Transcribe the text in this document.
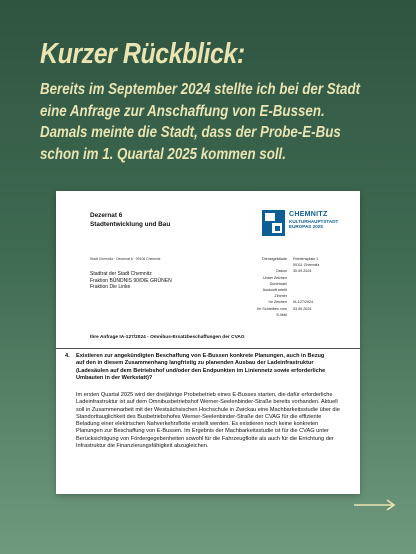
Kurzer Rückblick:
Bereits im September 2024 stellte ich bei der Stadt eine Anfrage zur Anschaffung von E-Bussen. Damals meinte die Stadt, dass der Probe-E-Bus schon im 1. Quartal 2025 kommen soll.
Dezernat 6
Stadtentwicklung und Bau
CHEMNITZ
KULTURHAUPTSTADT
EUROPAS 2025
Stadt Chemnitz · Dezernat 6 · 09106 Chemnitz
Stadtrat der Stadt Chemnitz
Fraktion BÜNDNIS 90/DIE GRÜNEN
Fraktion Die Linke
Dienstgebäude	Friedensplatz 1
09111 Chemnitz
Datum	30.09.2024
Unser Zeichen
Durchwahl
Auskunft erteilt
Zimmer
Ihr Zeichen	IA-127/2024
Ihr Schreiben vom	03.09.2024
E-Mail
Ihre Anfrage IA-127/2024 - Omnibus-Ersatzbeschaffungen der CVAG
4. Existieren zur angekündigten Beschaffung von E-Bussen konkrete Planungen, auch in Bezug auf den in diesem Zusammenhang langfristig zu planenden Ausbau der Ladeinfrastruktur (Ladesäulen auf dem Betriebshof und/oder den Endpunkten im Liniennetz sowie erforderliche Umbauten in der Werkstatt)?
Im ersten Quartal 2025 wird der dreijährige Probebetrieb eines E-Busses starten, die dafür erforderliche Ladeinfrastruktur ist auf dem Omnibusbetriebshof Werner-Seelenbinder-Straße bereits vorhanden. Aktuell soll in Zusammenarbeit mit der Westsächsischen Hochschule in Zwickau eine Machbarkeitsstudie über die Standorttauglichkeit des Busbetriebshofes Werner-Seelenbinder-Straße der CVAG für die effiziente Beladung einer elektrischen Nahverkehrsflotte erstellt werden. Es existieren noch keine konkreten Planungen zur Beschaffung von E-Bussen. Im Ergebnis der Machbarkeitsstudie ist für die CVAG unter Berücksichtigung von Fördergegebenheiten sowohl für die Fahrzeugflotte als auch für die Errichtung der Infrastruktur die Finanzierungsfähigkeit abzugleichen.
